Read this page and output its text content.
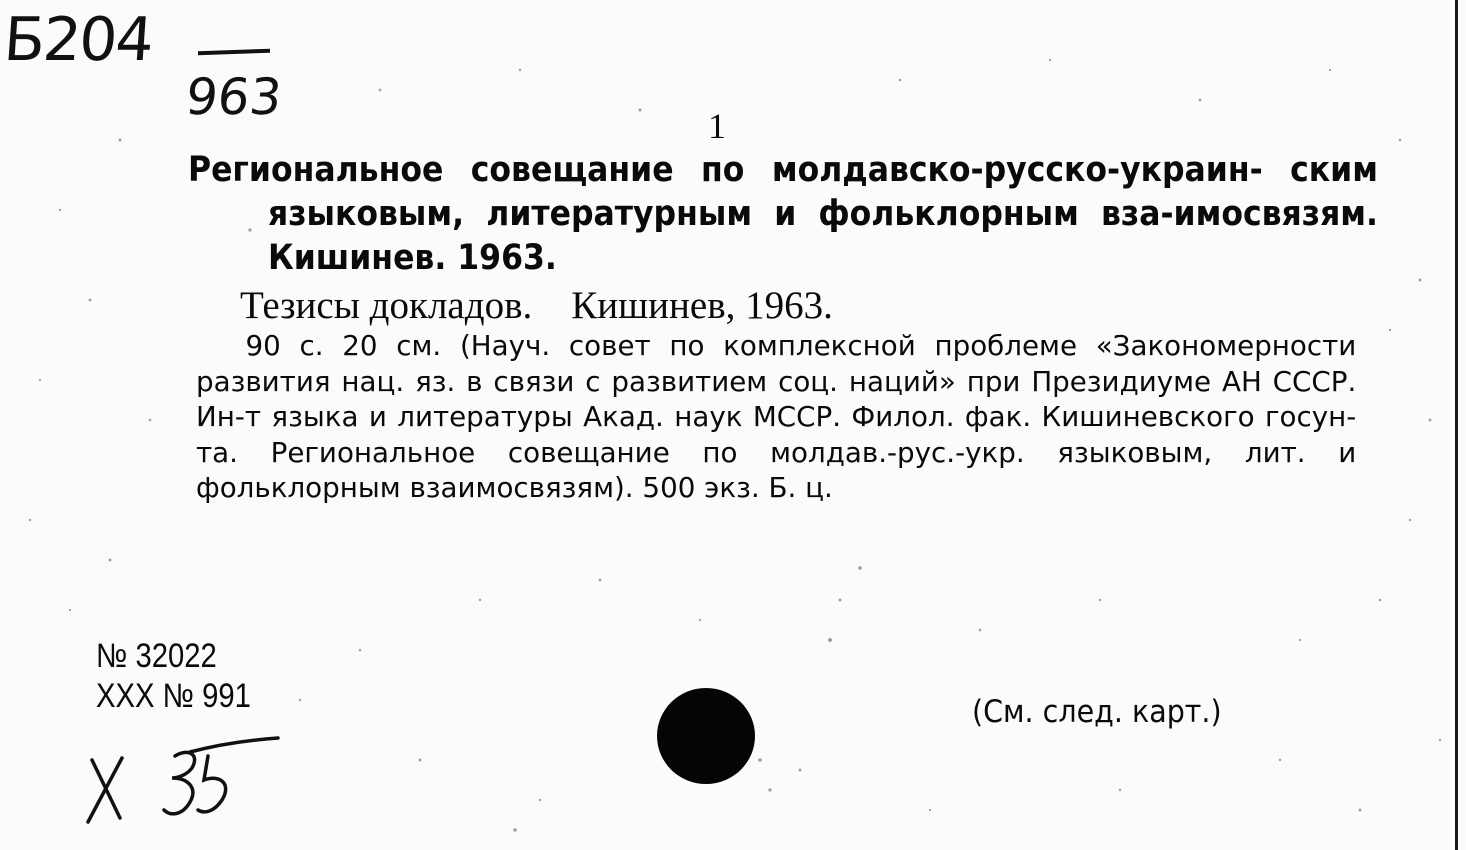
Б204
963	1
Региональное совещание по молдавско-русско-украин- ским языковым, литературным и фольклорным вза-имосвязям. Кишинев. 1963.
Тезисы докладов.    Кишинев, 1963.

90 с. 20 см. (Науч. совет по комплексной проблеме «Закономерности развития нац. яз. в связи с развитием соц. наций» при Президиуме АН СССР. Ин-т языка и литературы Акад. наук МССР. Филол. фак. Кишиневского госун-та. Региональное совещание по молдав.-рус.-укр. языковым, лит. и фольклорным взаимосвязям). 500 экз. Б. ц.

№ 32022
XXX № 991	(См. след. карт.)
